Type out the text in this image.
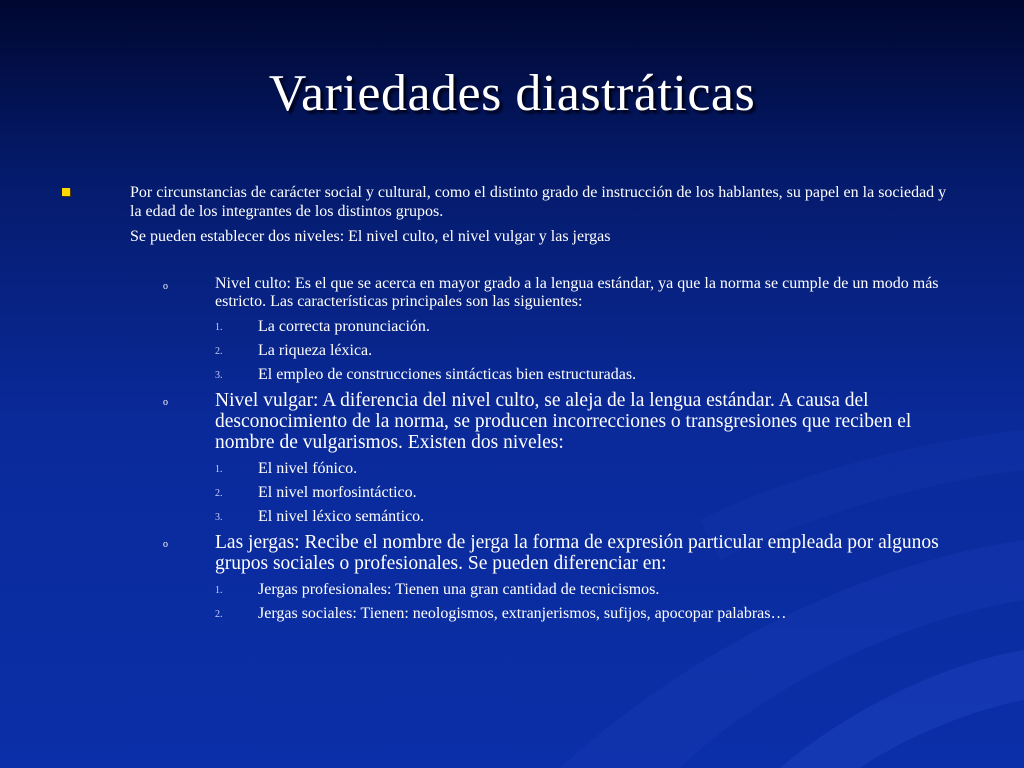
Variedades diastráticas
Por circunstancias de carácter social y cultural, como el distinto grado de instrucción de los hablantes, su papel en la sociedad y la edad de los integrantes de los distintos grupos.
Se pueden establecer dos niveles: El nivel culto, el nivel vulgar y las jergas
o	Nivel culto: Es el que se acerca en mayor grado a la lengua estándar, ya que la norma se cumple de un modo más estricto. Las características principales son las siguientes:
1. La correcta pronunciación.
2. La riqueza léxica.
3. El empleo de construcciones sintácticas bien estructuradas.
o Nivel vulgar: A diferencia del nivel culto, se aleja de la lengua estándar. A causa del desconocimiento de la norma, se producen incorrecciones o transgresiones que reciben el nombre de vulgarismos. Existen dos niveles:
1. El nivel fónico.
2. El nivel morfosintáctico.
3. El nivel léxico semántico.
o Las jergas: Recibe el nombre de jerga la forma de expresión particular empleada por algunos grupos sociales o profesionales. Se pueden diferenciar en:
1. Jergas profesionales: Tienen una gran cantidad de tecnicismos.
2. Jergas sociales: Tienen: neologismos, extranjerismos, sufijos, apocopar palabras…
